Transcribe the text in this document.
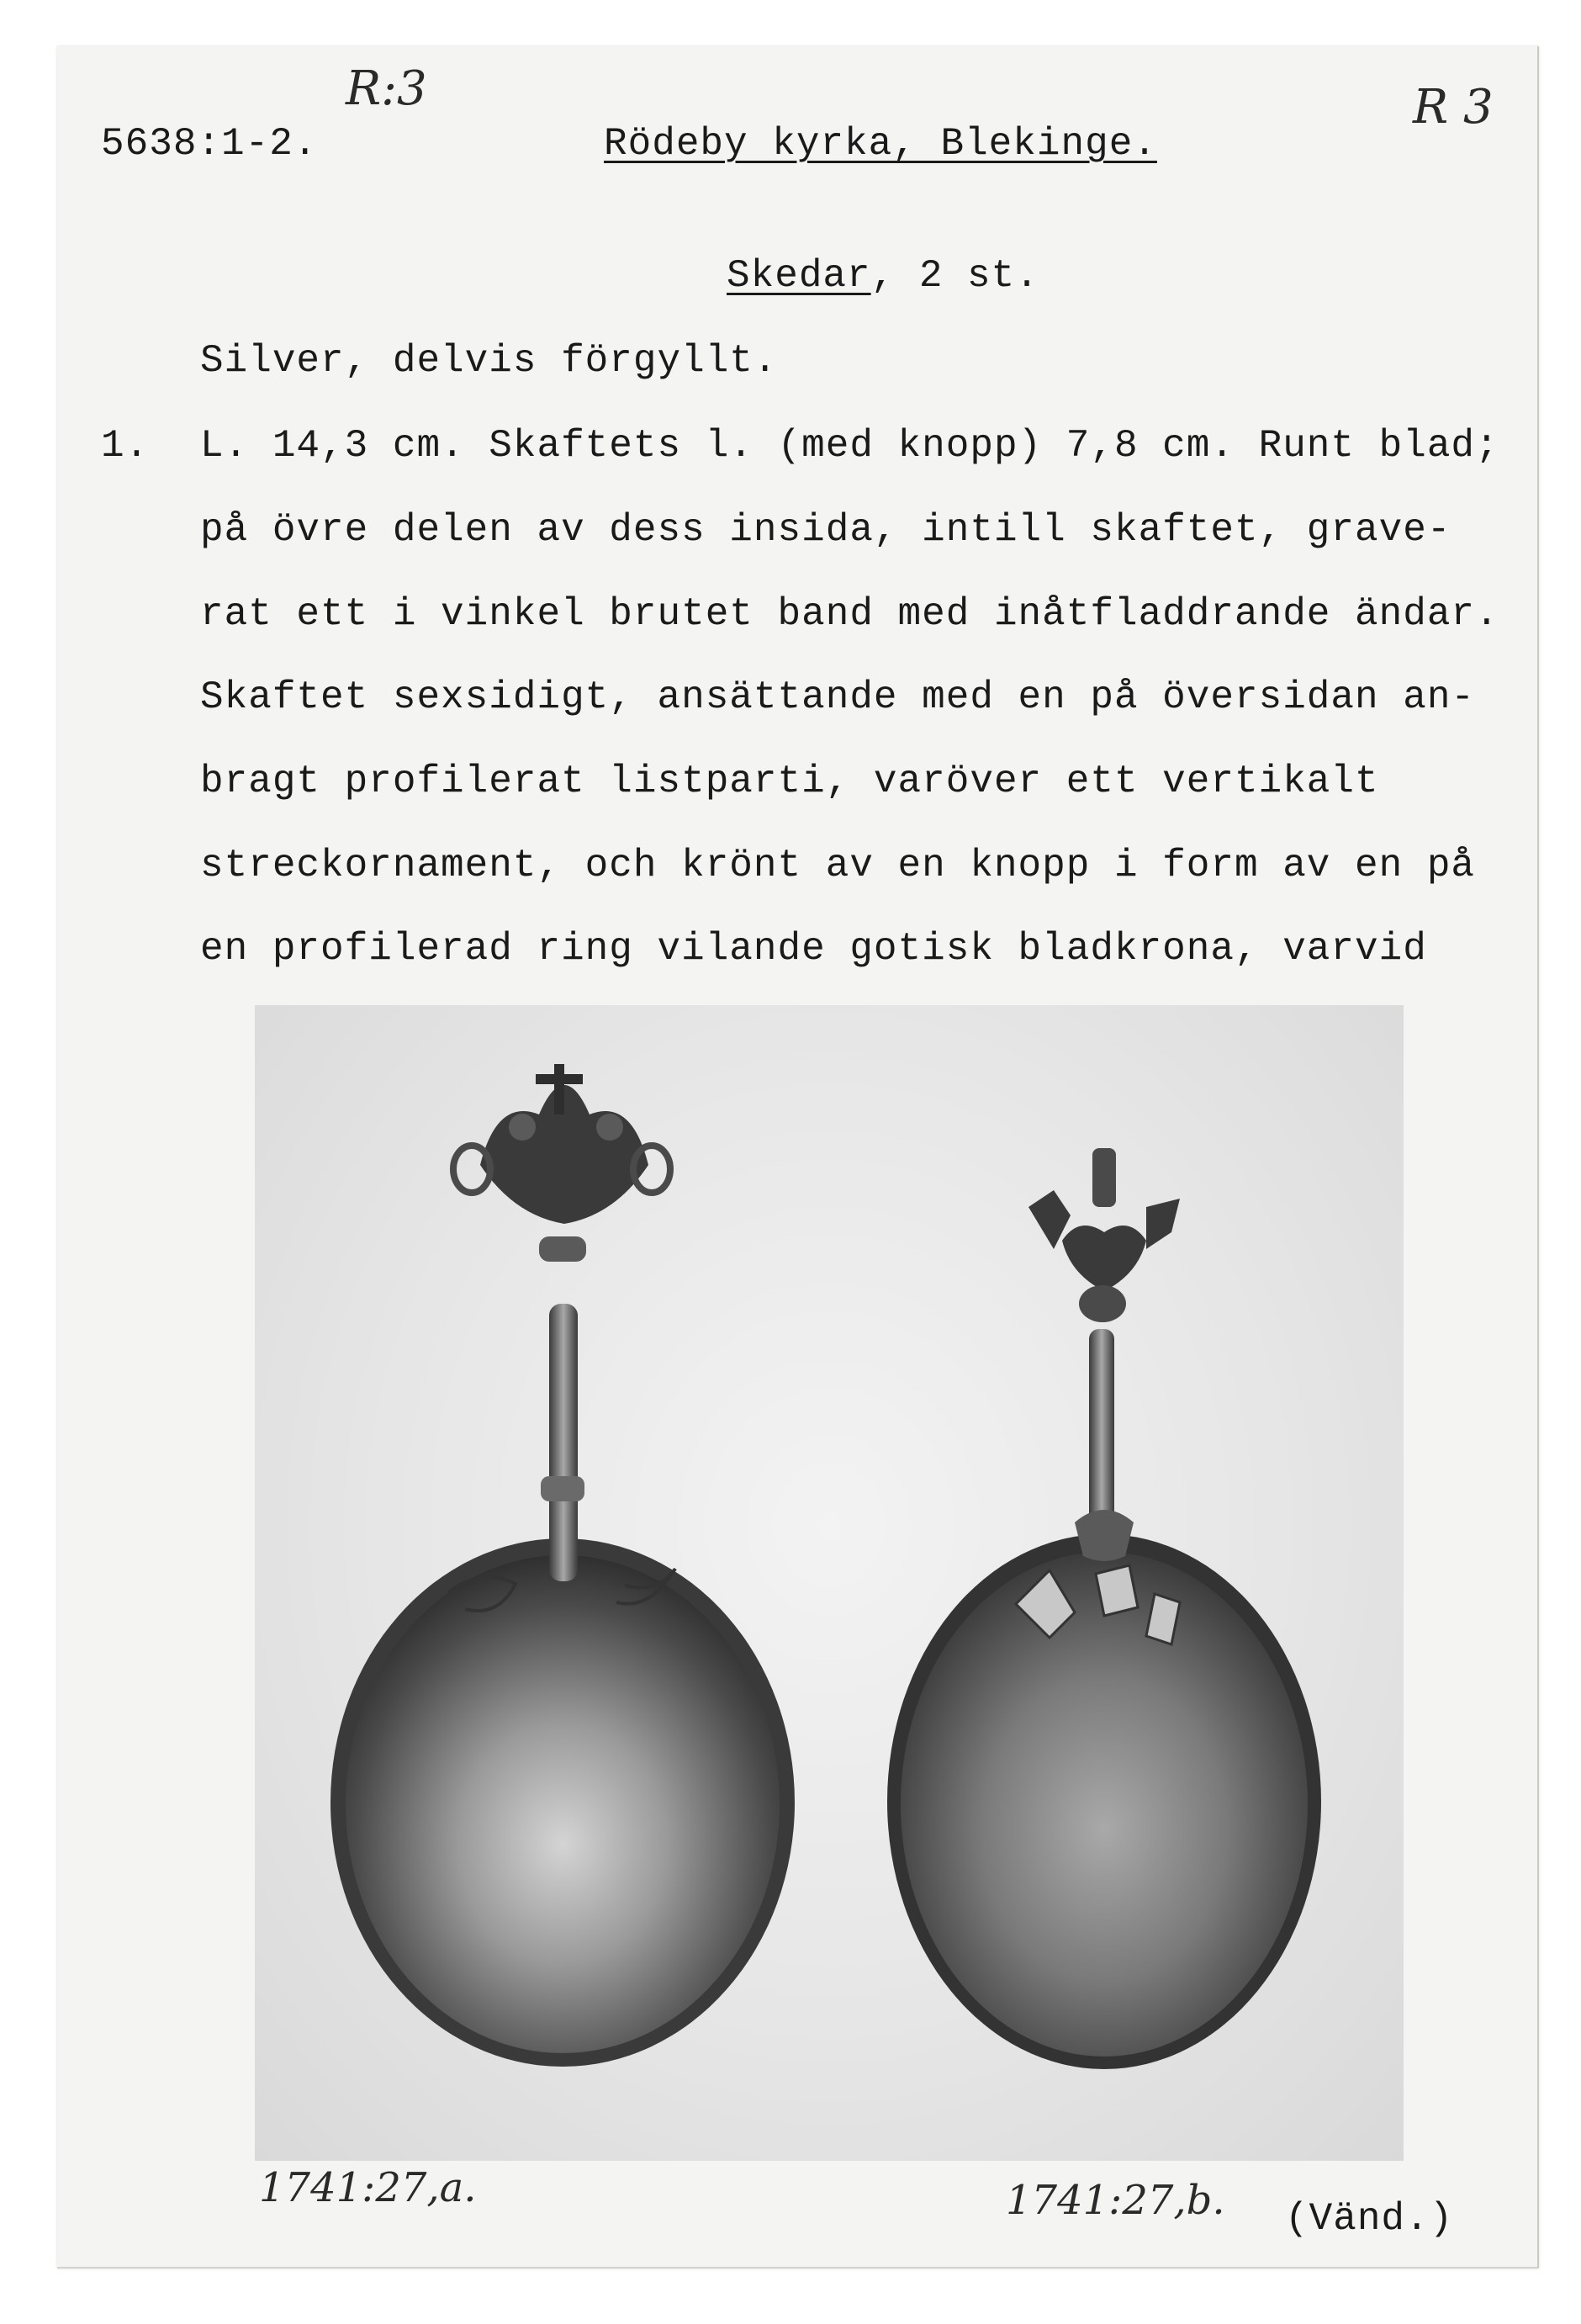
R:3	R 3
5638:1-2.	Rödeby kyrka, Blekinge.
Skedar, 2 st.
Silver, delvis förgyllt.
1. L. 14,3 cm. Skaftets l. (med knopp) 7,8 cm. Runt blad;
på övre delen av dess insida, intill skaftet, grave-
rat ett i vinkel brutet band med inåtfladdrande ändar.
Skaftet sexsidigt, ansättande med en på översidan an-
bragt profilerat listparti, varöver ett vertikalt
streckornament, och krönt av en knopp i form av en på
en profilerad ring vilande gotisk bladkrona, varvid
1741:27,a.	1741:27,b. (Vänd.)
